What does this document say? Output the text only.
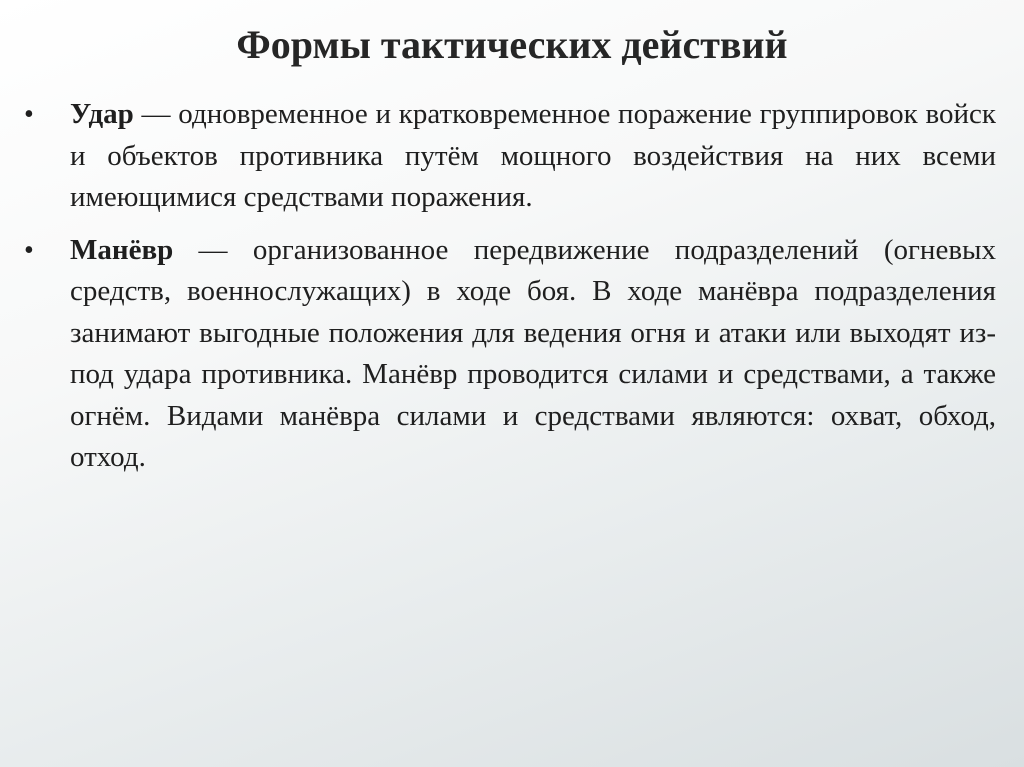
Формы тактических действий
•	Удар — одновременное и кратковременное поражение группировок войск и объектов противника путём мощного воздействия на них всеми имеющимися средствами поражения.
•	Манёвр — организованное передвижение подразделений (огневых средств, военнослужащих) в ходе боя. В ходе манёвра подразделения занимают выгодные положения для ведения огня и атаки или выходят из-под удара противника. Манёвр проводится силами и средствами, а также огнём. Видами манёвра силами и средствами являются: охват, обход, отход.
